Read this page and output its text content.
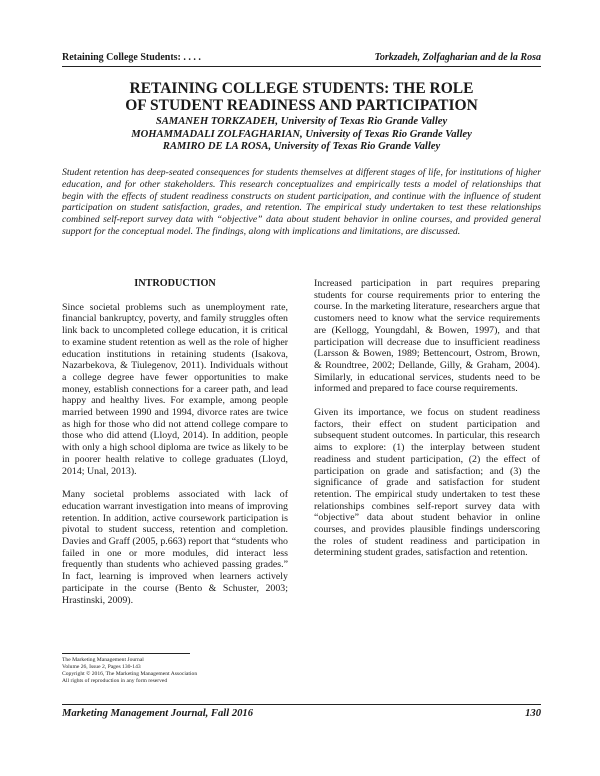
Retaining College Students: . . . .	Torkzadeh, Zolfagharian and de la Rosa
RETAINING COLLEGE STUDENTS: THE ROLE
OF STUDENT READINESS AND PARTICIPATION
SAMANEH TORKZADEH, University of Texas Rio Grande Valley
MOHAMMADALI ZOLFAGHARIAN, University of Texas Rio Grande Valley
RAMIRO DE LA ROSA, University of Texas Rio Grande Valley
Student retention has deep-seated consequences for students themselves at different stages of life, for institutions of higher education, and for other stakeholders. This research conceptualizes and empirically tests a model of relationships that begin with the effects of student readiness constructs on student participation, and continue with the influence of student participation on student satisfaction, grades, and retention. The empirical study undertaken to test these relationships combined self-report survey data with “objective” data about student behavior in online courses, and provided general support for the conceptual model. The findings, along with implications and limitations, are discussed.
INTRODUCTION

Since societal problems such as unemployment rate, financial bankruptcy, poverty, and family struggles often link back to uncompleted college education, it is critical to examine student retention as well as the role of higher education institutions in retaining students (Isakova, Nazarbekova, & Tiulegenov, 2011). Individuals without a college degree have fewer opportunities to make money, establish connections for a career path, and lead happy and healthy lives. For example, among people married between 1990 and 1994, divorce rates are twice as high for those who did not attend college compare to those who did attend (Lloyd, 2014). In addition, people with only a high school diploma are twice as likely to be in poorer health relative to college graduates (Lloyd, 2014; Unal, 2013).

Many societal problems associated with lack of education warrant investigation into means of improving retention. In addition, active coursework participation is pivotal to student success, retention and completion. Davies and Graff (2005, p.663) report that “students who failed in one or more modules, did interact less frequently than students who achieved passing grades.” In fact, learning is improved when learners actively participate in the course (Bento & Schuster, 2003; Hrastinski, 2009).

Increased participation in part requires preparing students for course requirements prior to entering the course. In the marketing literature, researchers argue that customers need to know what the service requirements are (Kellogg, Youngdahl, & Bowen, 1997), and that participation will decrease due to insufficient readiness (Larsson & Bowen, 1989; Bettencourt, Ostrom, Brown, & Roundtree, 2002; Dellande, Gilly, & Graham, 2004). Similarly, in educational services, students need to be informed and prepared to face course requirements.

Given its importance, we focus on student readiness factors, their effect on student participation and subsequent student outcomes. In particular, this research aims to explore: (1) the interplay between student readiness and student participation, (2) the effect of participation on grade and satisfaction; and (3) the significance of grade and satisfaction for student retention. The empirical study undertaken to test these relationships combines self-report survey data with “objective” data about student behavior in online courses, and provides plausible findings underscoring the roles of student readiness and participation in determining student grades, satisfaction and retention.

The Marketing Management Journal
Volume 26, Issue 2, Pages 130-143
Copyright © 2016, The Marketing Management Association
All rights of reproduction in any form reserved
Marketing Management Journal, Fall 2016	130
